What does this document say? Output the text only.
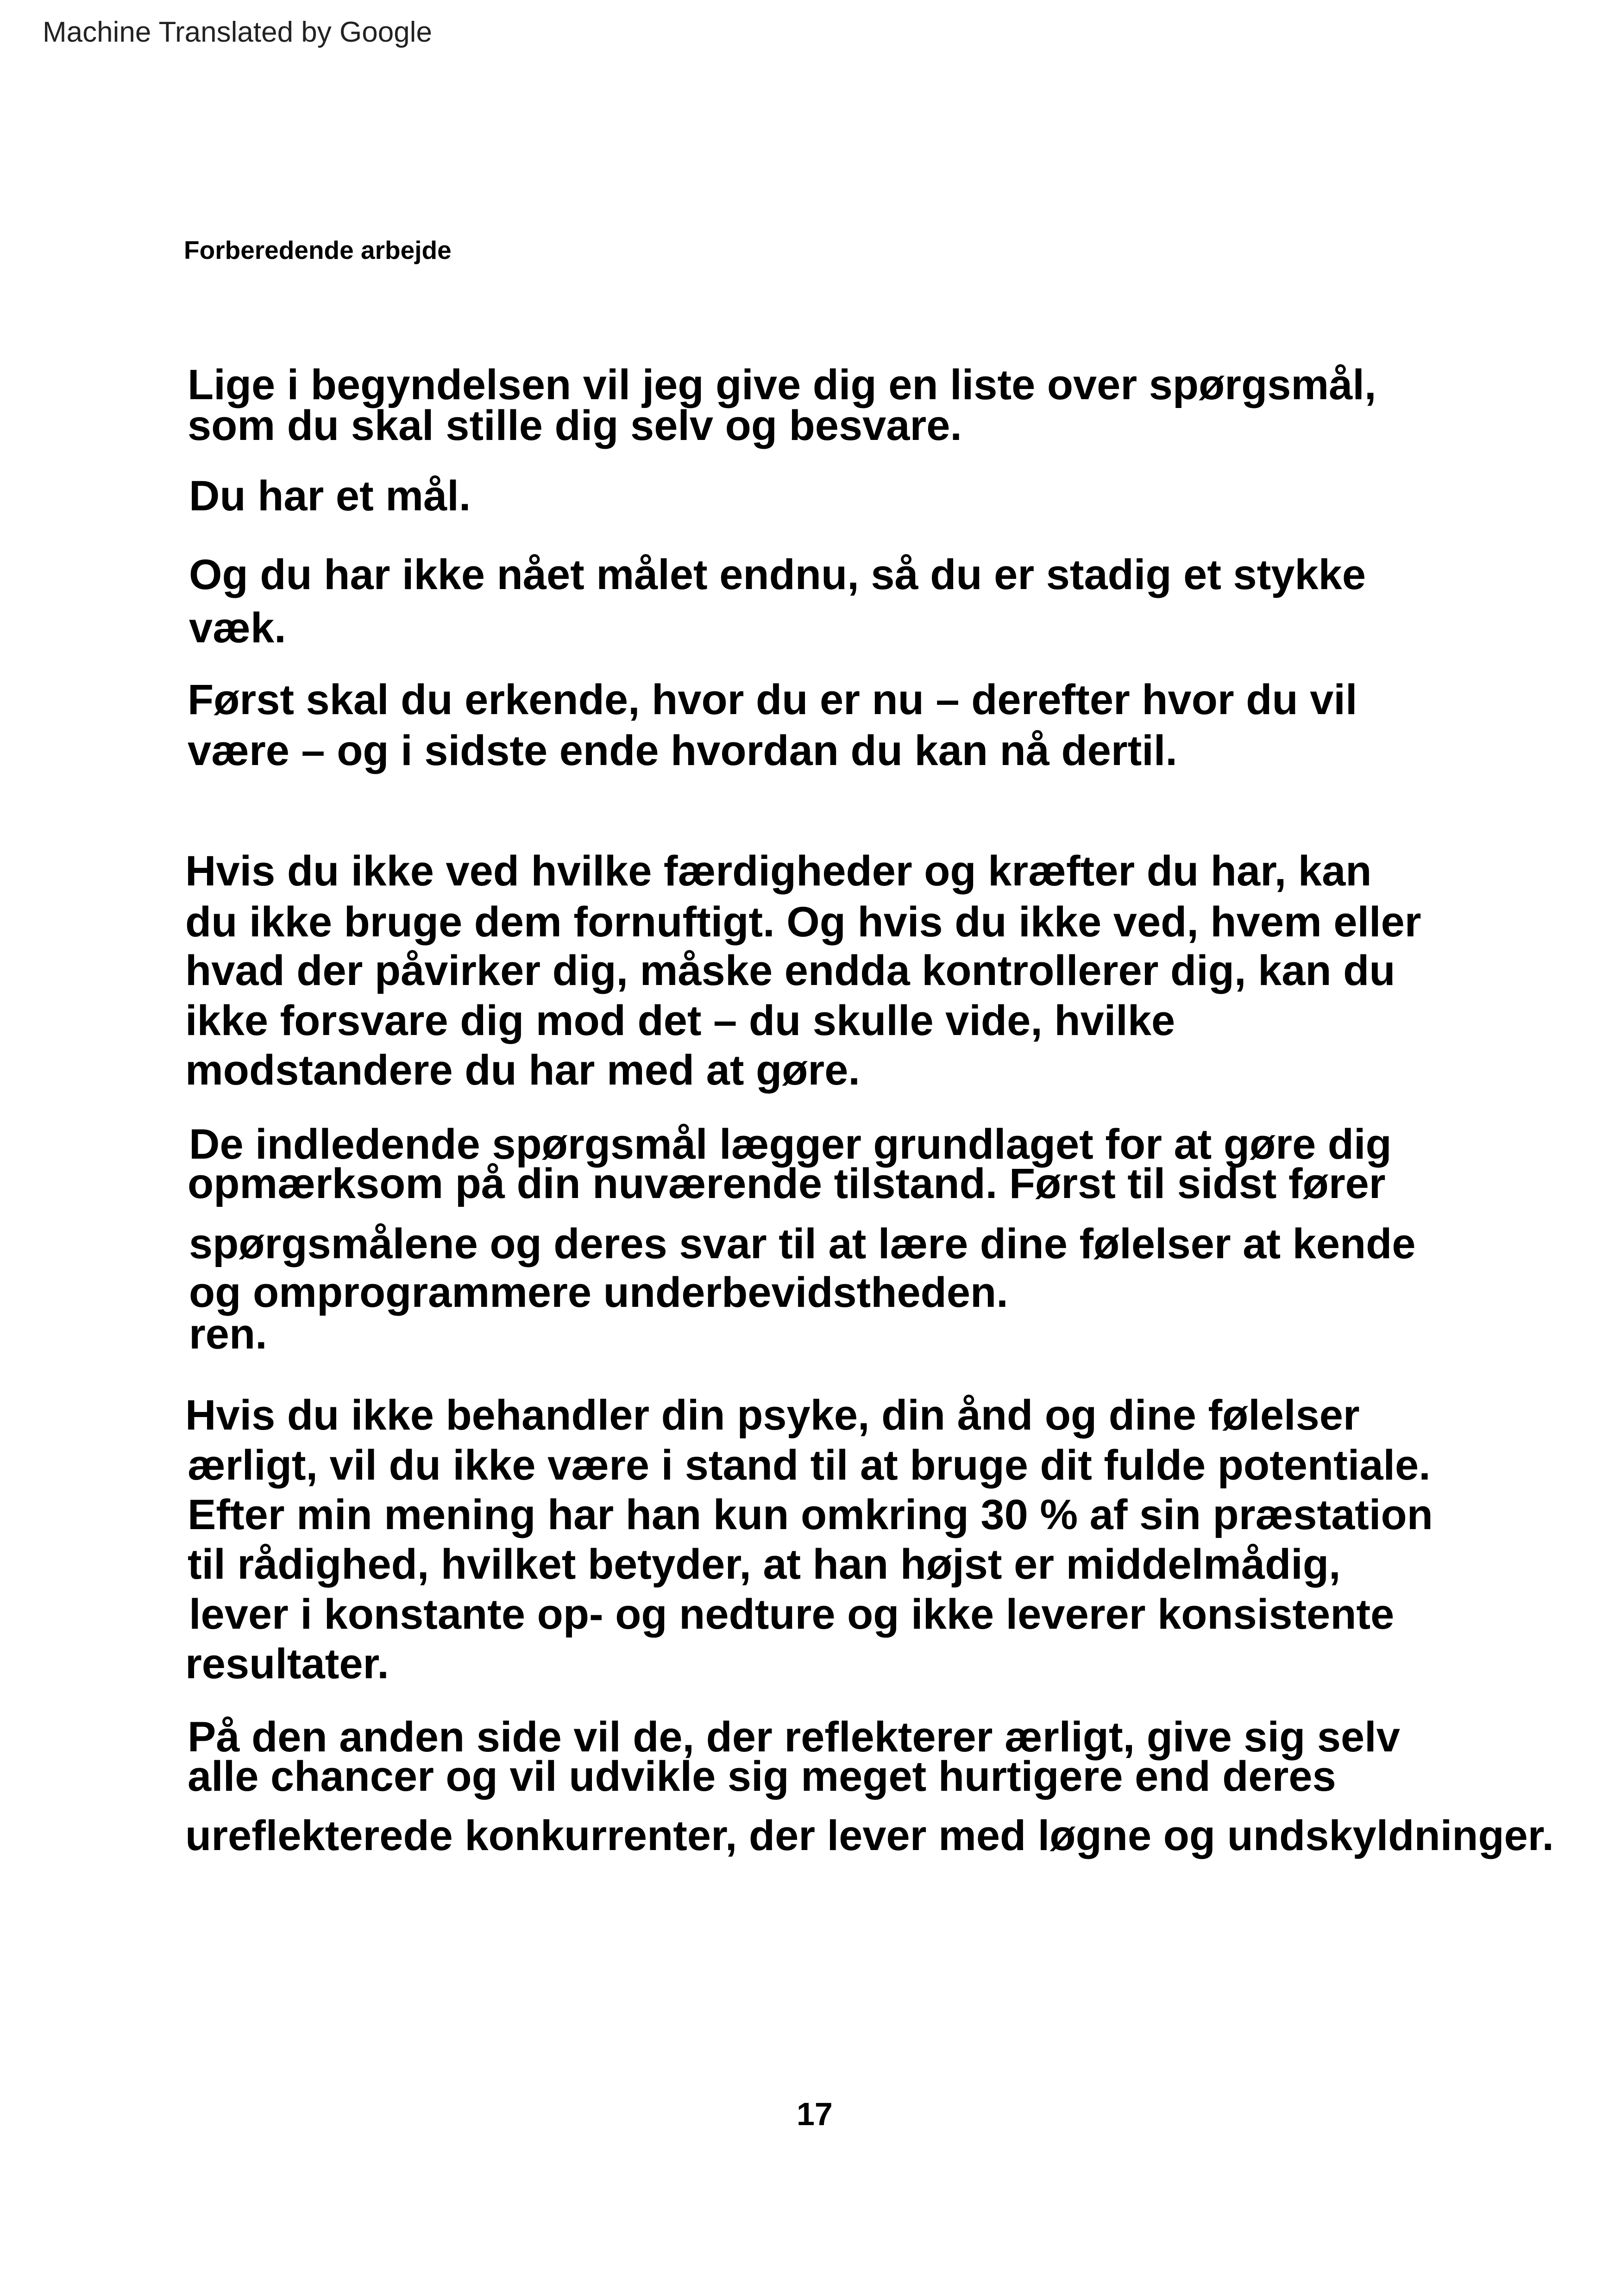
Machine Translated by Google
Forberedende arbejde
Lige i begyndelsen vil jeg give dig en liste over spørgsmål,
som du skal stille dig selv og besvare.
Du har et mål.
Og du har ikke nået målet endnu, så du er stadig et stykke
væk.
Først skal du erkende, hvor du er nu – derefter hvor du vil
være – og i sidste ende hvordan du kan nå dertil.
Hvis du ikke ved hvilke færdigheder og kræfter du har, kan
du ikke bruge dem fornuftigt. Og hvis du ikke ved, hvem eller
hvad der påvirker dig, måske endda kontrollerer dig, kan du
ikke forsvare dig mod det – du skulle vide, hvilke
modstandere du har med at gøre.
De indledende spørgsmål lægger grundlaget for at gøre dig
opmærksom på din nuværende tilstand. Først til sidst fører
spørgsmålene og deres svar til at lære dine følelser at kende
og omprogrammere underbevidstheden.
ren.
Hvis du ikke behandler din psyke, din ånd og dine følelser
ærligt, vil du ikke være i stand til at bruge dit fulde potentiale.
Efter min mening har han kun omkring 30 % af sin præstation
til rådighed, hvilket betyder, at han højst er middelmådig,
lever i konstante op- og nedture og ikke leverer konsistente
resultater.
På den anden side vil de, der reflekterer ærligt, give sig selv
alle chancer og vil udvikle sig meget hurtigere end deres
ureflekterede konkurrenter, der lever med løgne og undskyldninger.
17
